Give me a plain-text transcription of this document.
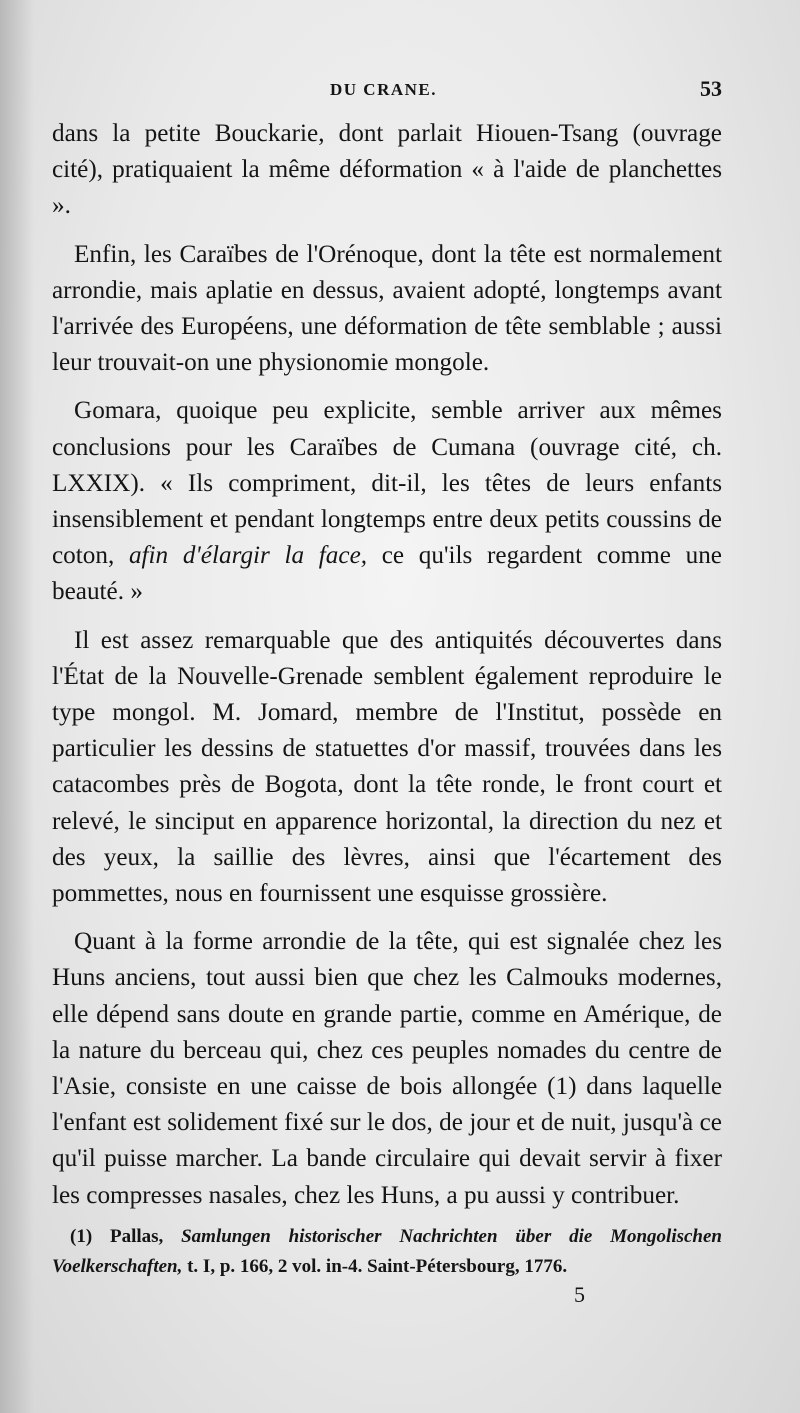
DU CRANE.	53

dans la petite Bouckarie, dont parlait Hiouen-Tsang (ouvrage cité), pratiquaient la même déformation « à l'aide de planchettes ».

Enfin, les Caraïbes de l'Orénoque, dont la tête est normalement arrondie, mais aplatie en dessus, avaient adopté, longtemps avant l'arrivée des Européens, une déformation de tête semblable ; aussi leur trouvait-on une physionomie mongole.

Gomara, quoique peu explicite, semble arriver aux mêmes conclusions pour les Caraïbes de Cumana (ouvrage cité, ch. LXXIX). « Ils compriment, dit-il, les têtes de leurs enfants insensiblement et pendant longtemps entre deux petits coussins de coton, afin d'élargir la face, ce qu'ils regardent comme une beauté. »

Il est assez remarquable que des antiquités découvertes dans l'État de la Nouvelle-Grenade semblent également reproduire le type mongol. M. Jomard, membre de l'Institut, possède en particulier les dessins de statuettes d'or massif, trouvées dans les catacombes près de Bogota, dont la tête ronde, le front court et relevé, le sinciput en apparence horizontal, la direction du nez et des yeux, la saillie des lèvres, ainsi que l'écartement des pommettes, nous en fournissent une esquisse grossière.

Quant à la forme arrondie de la tête, qui est signalée chez les Huns anciens, tout aussi bien que chez les Calmouks modernes, elle dépend sans doute en grande partie, comme en Amérique, de la nature du berceau qui, chez ces peuples nomades du centre de l'Asie, consiste en une caisse de bois allongée (1) dans laquelle l'enfant est solidement fixé sur le dos, de jour et de nuit, jusqu'à ce qu'il puisse marcher. La bande circulaire qui devait servir à fixer les compresses nasales, chez les Huns, a pu aussi y contribuer.

(1) Pallas, Samlungen historischer Nachrichten über die Mongolischen Voelkerschaften, t. I, p. 166, 2 vol. in-4. Saint-Pétersbourg, 1776.

5
